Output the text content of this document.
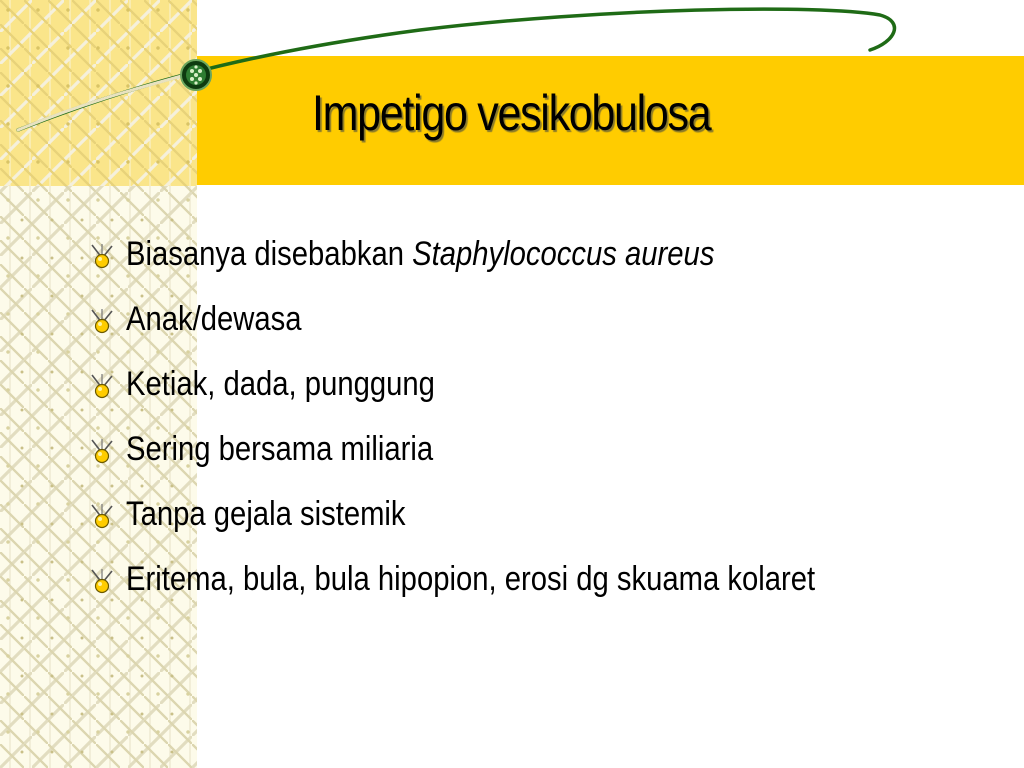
Impetigo vesikobulosa
Biasanya disebabkan Staphylococcus aureus
Anak/dewasa
Ketiak, dada, punggung
Sering bersama miliaria
Tanpa gejala sistemik
Eritema, bula, bula hipopion, erosi dg skuama kolaret
